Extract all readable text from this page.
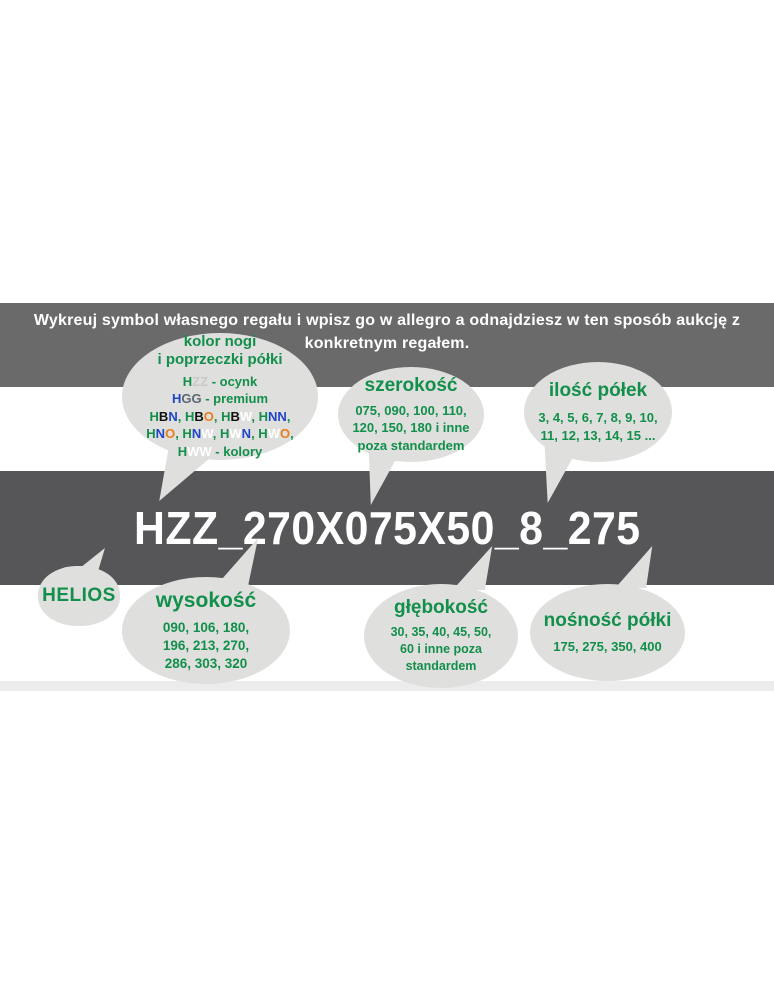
Wykreuj symbol własnego regału i wpisz go w allegro a odnajdziesz w ten sposób aukcję z
konkretnym regałem.
HZZ_270X075X50_8_275
kolor nogi
i poprzeczki półki
HZZ - ocynk
HGG - premium
HBN, HBO, HBW, HNN,
HNO, HNW, HWN, HWO,
HWW - kolory
szerokość
075, 090, 100, 110,
120, 150, 180 i inne
poza standardem
ilość półek
3, 4, 5, 6, 7, 8, 9, 10,
11, 12, 13, 14, 15 ...
HELIOS wysokość
090, 106, 180,
196, 213, 270,
286, 303, 320
głębokość
30, 35, 40, 45, 50,
60 i inne poza
standardem
nośność półki
175, 275, 350, 400
